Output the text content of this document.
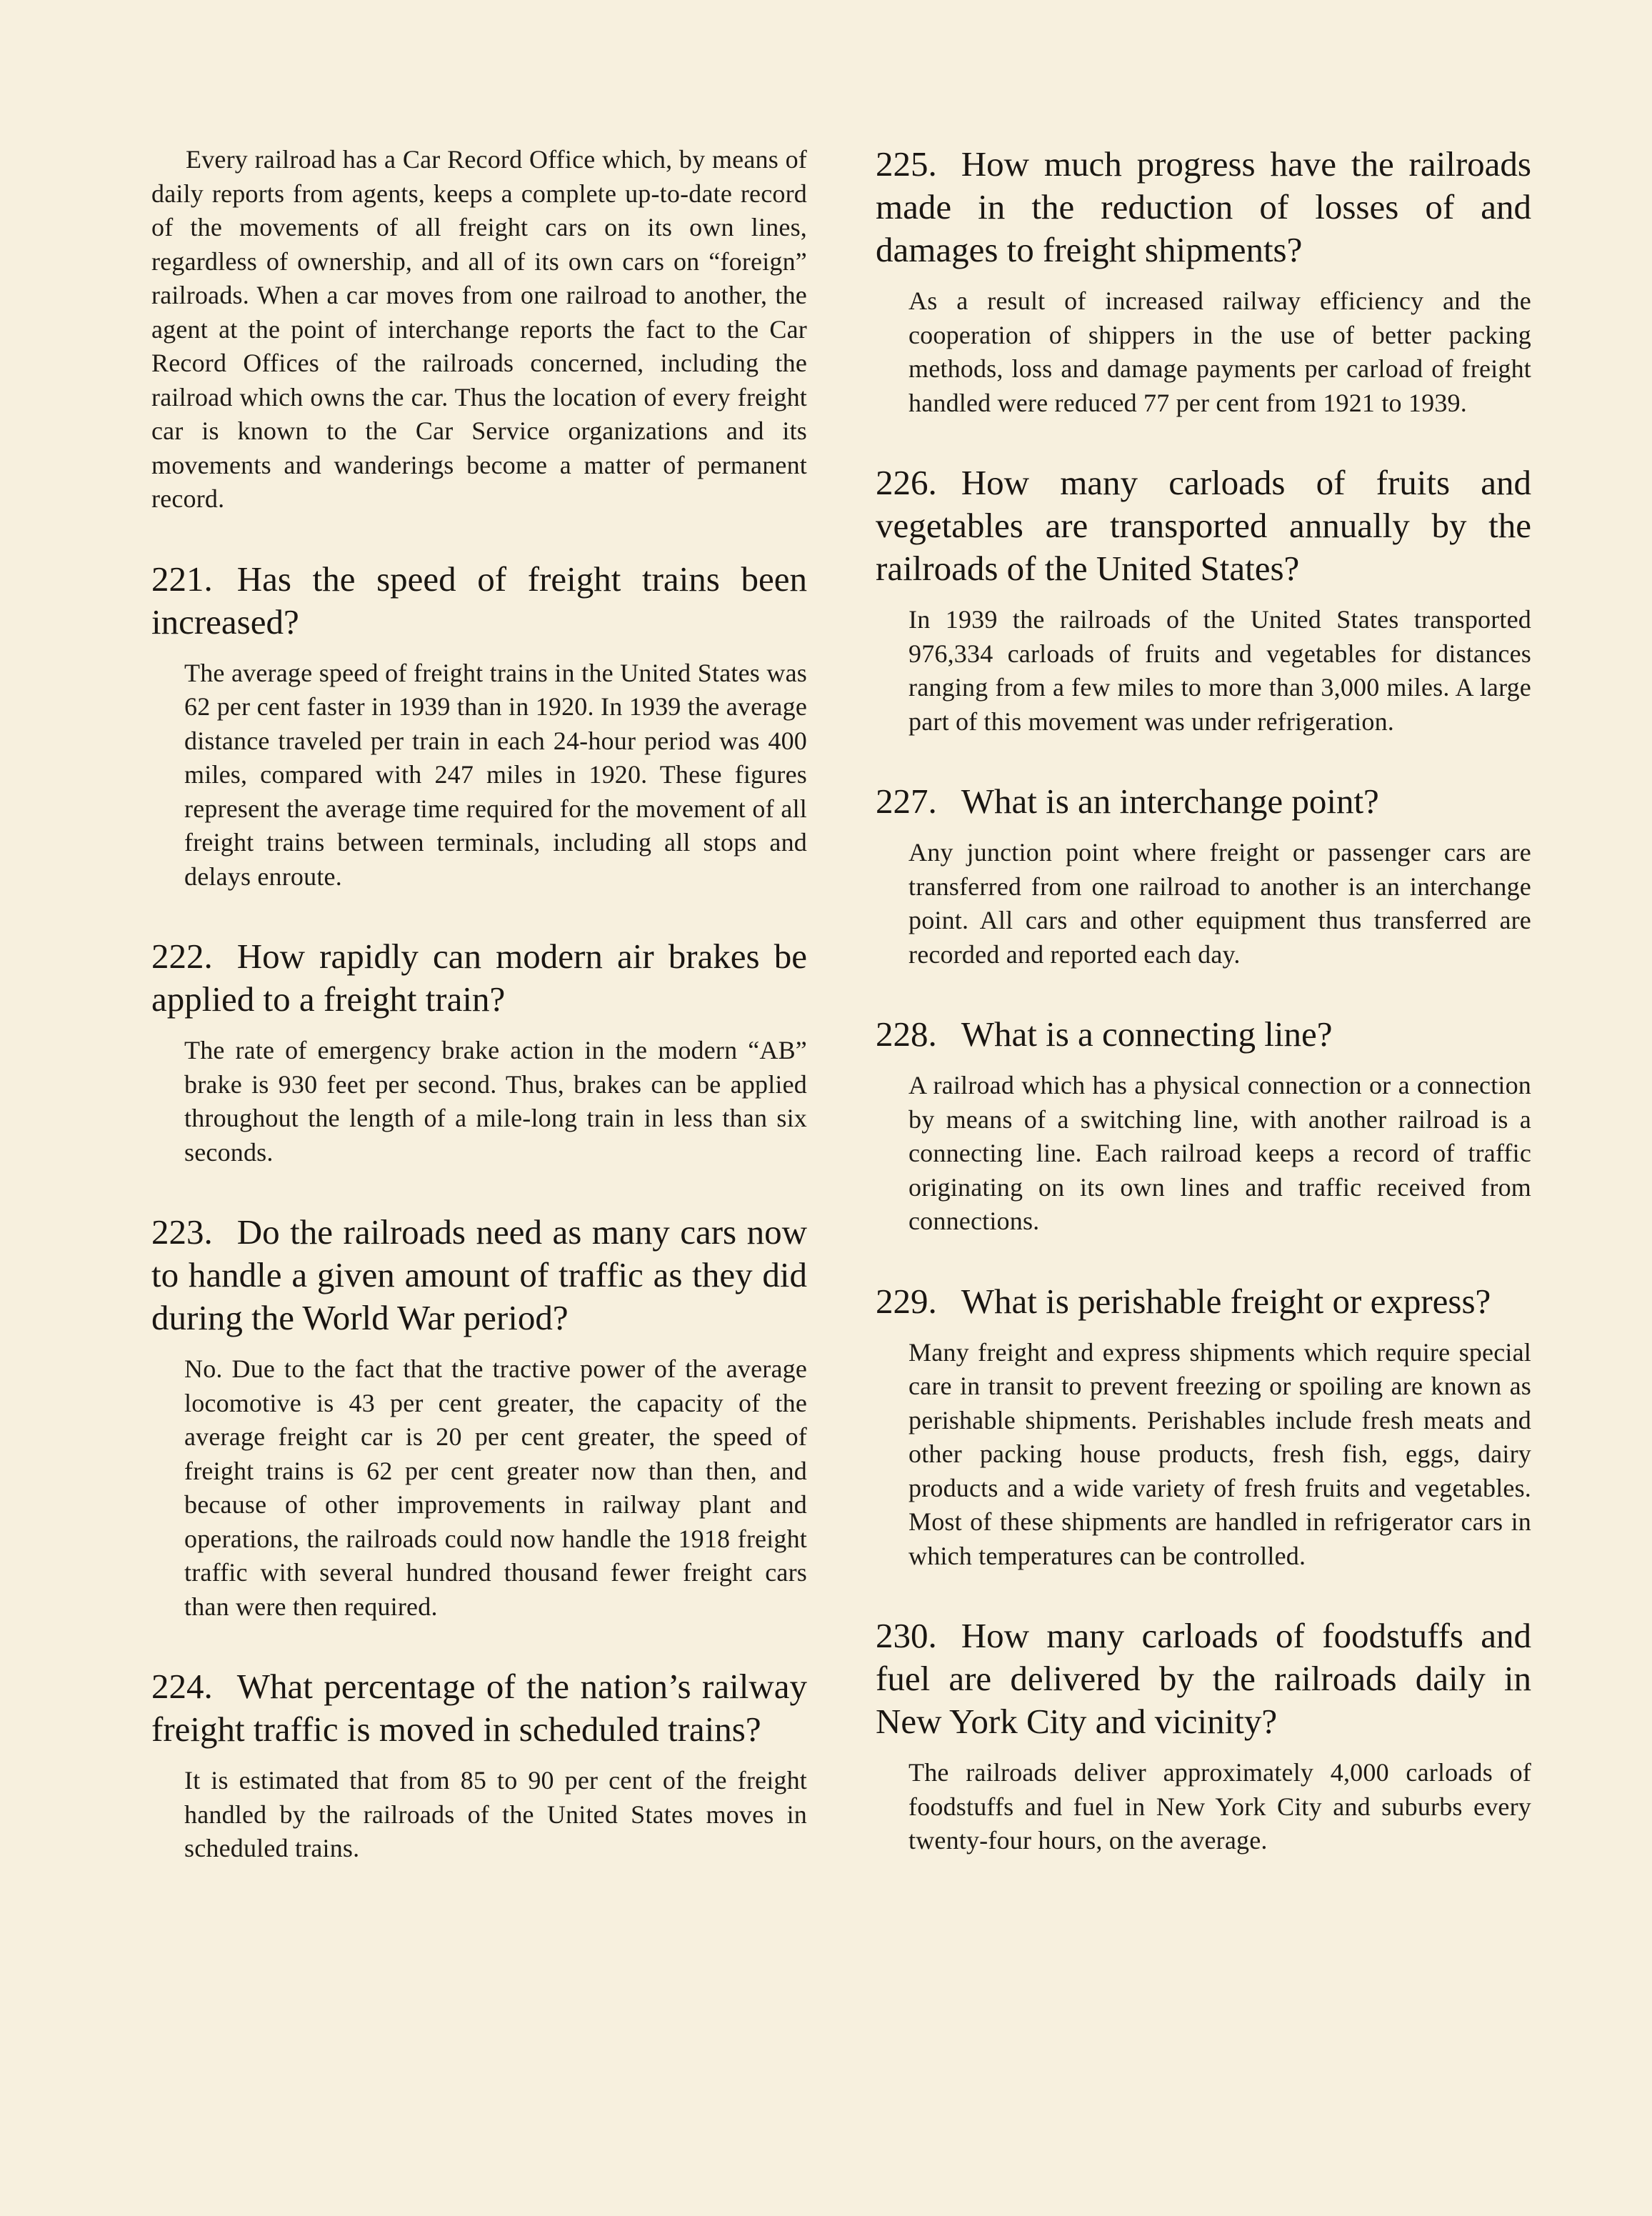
Every railroad has a Car Record Office which, by means of daily reports from agents, keeps a complete up-to-date record of the movements of all freight cars on its own lines, regardless of ownership, and all of its own cars on “foreign” railroads. When a car moves from one railroad to another, the agent at the point of interchange reports the fact to the Car Record Offices of the railroads concerned, including the railroad which owns the car. Thus the location of every freight car is known to the Car Service organizations and its movements and wanderings become a matter of permanent record.

221. Has the speed of freight trains been increased?

The average speed of freight trains in the United States was 62 per cent faster in 1939 than in 1920. In 1939 the average distance traveled per train in each 24-hour period was 400 miles, compared with 247 miles in 1920. These figures represent the average time required for the movement of all freight trains between terminals, including all stops and delays enroute.

222. How rapidly can modern air brakes be applied to a freight train?

The rate of emergency brake action in the modern “AB” brake is 930 feet per second. Thus, brakes can be applied throughout the length of a mile-long train in less than six seconds.

223. Do the railroads need as many cars now to handle a given amount of traffic as they did during the World War period?

No. Due to the fact that the tractive power of the average locomotive is 43 per cent greater, the capacity of the average freight car is 20 per cent greater, the speed of freight trains is 62 per cent greater now than then, and because of other improvements in railway plant and operations, the railroads could now handle the 1918 freight traffic with several hundred thousand fewer freight cars than were then required.

224. What percentage of the nation’s railway freight traffic is moved in scheduled trains?

It is estimated that from 85 to 90 per cent of the freight handled by the railroads of the United States moves in scheduled trains.

225. How much progress have the railroads made in the reduction of losses of and damages to freight shipments?

As a result of increased railway efficiency and the cooperation of shippers in the use of better packing methods, loss and damage payments per carload of freight handled were reduced 77 per cent from 1921 to 1939.

226. How many carloads of fruits and vegetables are transported annually by the railroads of the United States?

In 1939 the railroads of the United States transported 976,334 carloads of fruits and vegetables for distances ranging from a few miles to more than 3,000 miles. A large part of this movement was under refrigeration.

227. What is an interchange point?

Any junction point where freight or passenger cars are transferred from one railroad to another is an interchange point. All cars and other equipment thus transferred are recorded and reported each day.

228. What is a connecting line?

A railroad which has a physical connection or a connection by means of a switching line, with another railroad is a connecting line. Each railroad keeps a record of traffic originating on its own lines and traffic received from connections.

229. What is perishable freight or express?

Many freight and express shipments which require special care in transit to prevent freezing or spoiling are known as perishable shipments. Perishables include fresh meats and other packing house products, fresh fish, eggs, dairy products and a wide variety of fresh fruits and vegetables. Most of these shipments are handled in refrigerator cars in which temperatures can be controlled.

230. How many carloads of foodstuffs and fuel are delivered by the railroads daily in New York City and vicinity?

The railroads deliver approximately 4,000 carloads of foodstuffs and fuel in New York City and suburbs every twenty-four hours, on the average.
